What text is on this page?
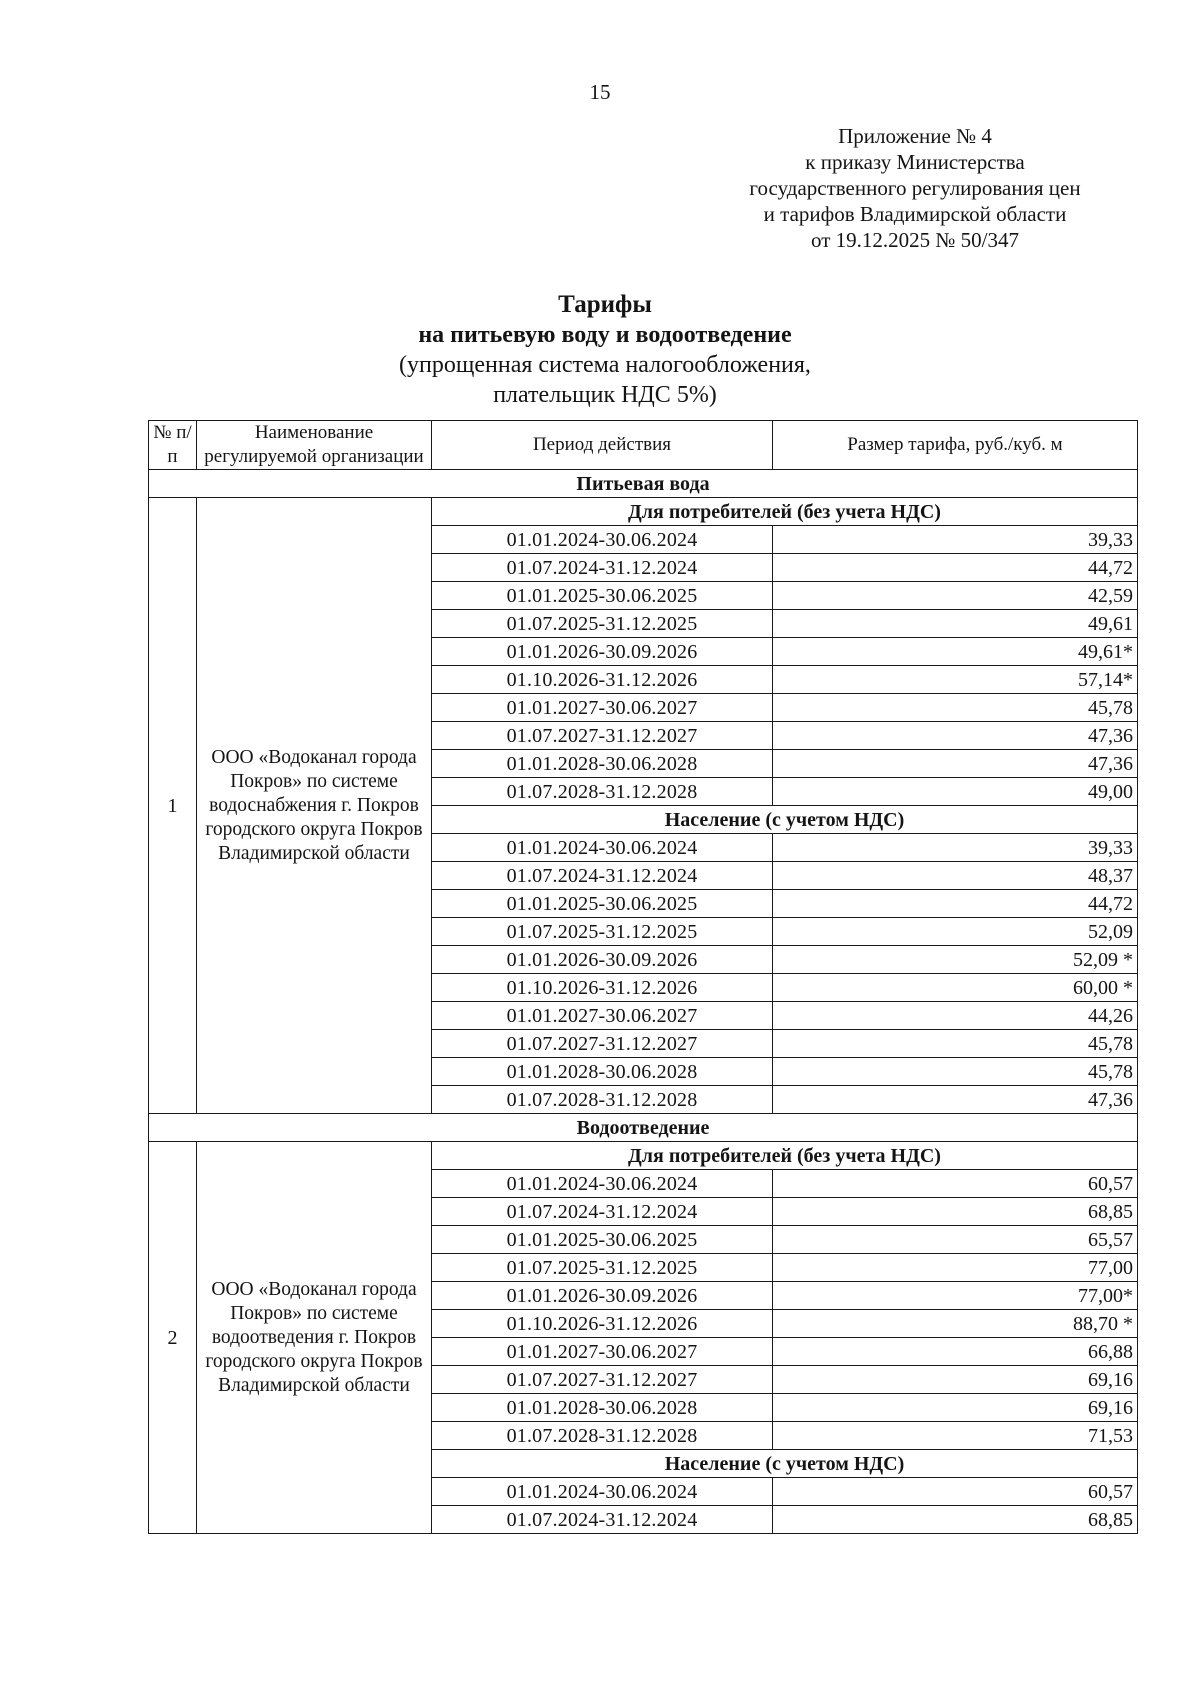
15
Приложение № 4
к приказу Министерства
государственного регулирования цен
и тарифов Владимирской области
от 19.12.2025 № 50/347
Тарифы
на питьевую воду и водоотведение
(упрощенная система налогообложения,
плательщик НДС 5%)
№ п/п	Наименование регулируемой организации	Период действия	Размер тарифа, руб./куб. м
Питьевая вода			
1	ООО «Водоканал города Покров» по системе водоснабжения г. Покров городского округа Покров Владимирской области	Для потребителей (без учета НДС)	
		01.01.2024-30.06.2024	39,33
		01.07.2024-31.12.2024	44,72
		01.01.2025-30.06.2025	42,59
		01.07.2025-31.12.2025	49,61
		01.01.2026-30.09.2026	49,61*
		01.10.2026-31.12.2026	57,14*
		01.01.2027-30.06.2027	45,78
		01.07.2027-31.12.2027	47,36
		01.01.2028-30.06.2028	47,36
		01.07.2028-31.12.2028	49,00
		Население (с учетом НДС)	
		01.01.2024-30.06.2024	39,33
		01.07.2024-31.12.2024	48,37
		01.01.2025-30.06.2025	44,72
		01.07.2025-31.12.2025	52,09
		01.01.2026-30.09.2026	52,09 *
		01.10.2026-31.12.2026	60,00 *
		01.01.2027-30.06.2027	44,26
		01.07.2027-31.12.2027	45,78
		01.01.2028-30.06.2028	45,78
		01.07.2028-31.12.2028	47,36
Водоотведение			
2	ООО «Водоканал города Покров» по системе водоотведения г. Покров городского округа Покров Владимирской области	Для потребителей (без учета НДС)	
		01.01.2024-30.06.2024	60,57
		01.07.2024-31.12.2024	68,85
		01.01.2025-30.06.2025	65,57
		01.07.2025-31.12.2025	77,00
		01.01.2026-30.09.2026	77,00*
		01.10.2026-31.12.2026	88,70 *
		01.01.2027-30.06.2027	66,88
		01.07.2027-31.12.2027	69,16
		01.01.2028-30.06.2028	69,16
		01.07.2028-31.12.2028	71,53
		Население (с учетом НДС)	
		01.01.2024-30.06.2024	60,57
		01.07.2024-31.12.2024	68,85
